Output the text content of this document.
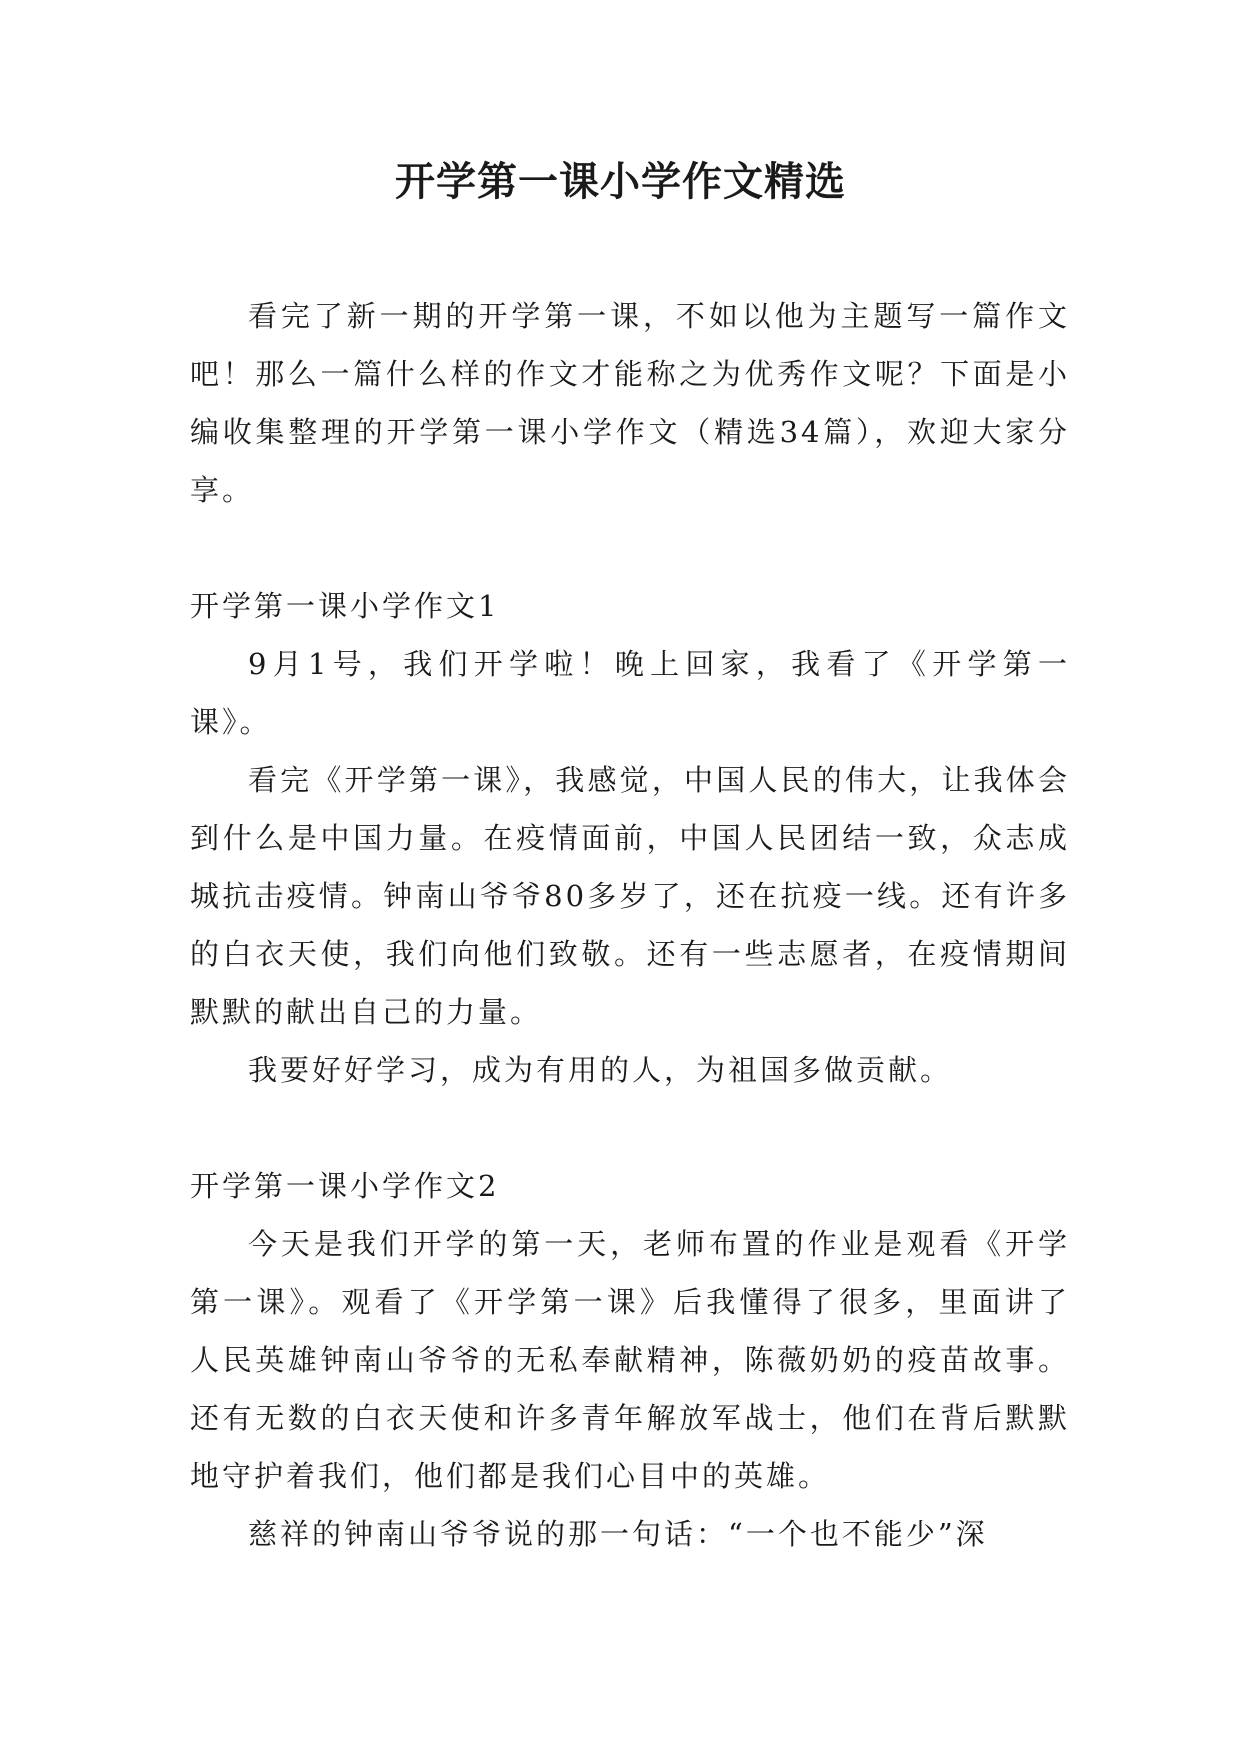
开学第一课小学作文精选

看完了新一期的开学第一课，不如以他为主题写一篇作文吧！那么一篇什么样的作文才能称之为优秀作文呢？下面是小编收集整理的开学第一课小学作文（精选34篇），欢迎大家分享。

开学第一课小学作文1

9月1号，我们开学啦！晚上回家，我看了《开学第一课》。

看完《开学第一课》，我感觉，中国人民的伟大，让我体会到什么是中国力量。在疫情面前，中国人民团结一致，众志成城抗击疫情。钟南山爷爷80多岁了，还在抗疫一线。还有许多的白衣天使，我们向他们致敬。还有一些志愿者，在疫情期间默默的献出自己的力量。

我要好好学习，成为有用的人，为祖国多做贡献。

开学第一课小学作文2

今天是我们开学的第一天，老师布置的作业是观看《开学第一课》。观看了《开学第一课》后我懂得了很多，里面讲了人民英雄钟南山爷爷的无私奉献精神，陈薇奶奶的疫苗故事。还有无数的白衣天使和许多青年解放军战士，他们在背后默默地守护着我们，他们都是我们心目中的英雄。

慈祥的钟南山爷爷说的那一句话：“一个也不能少”深
